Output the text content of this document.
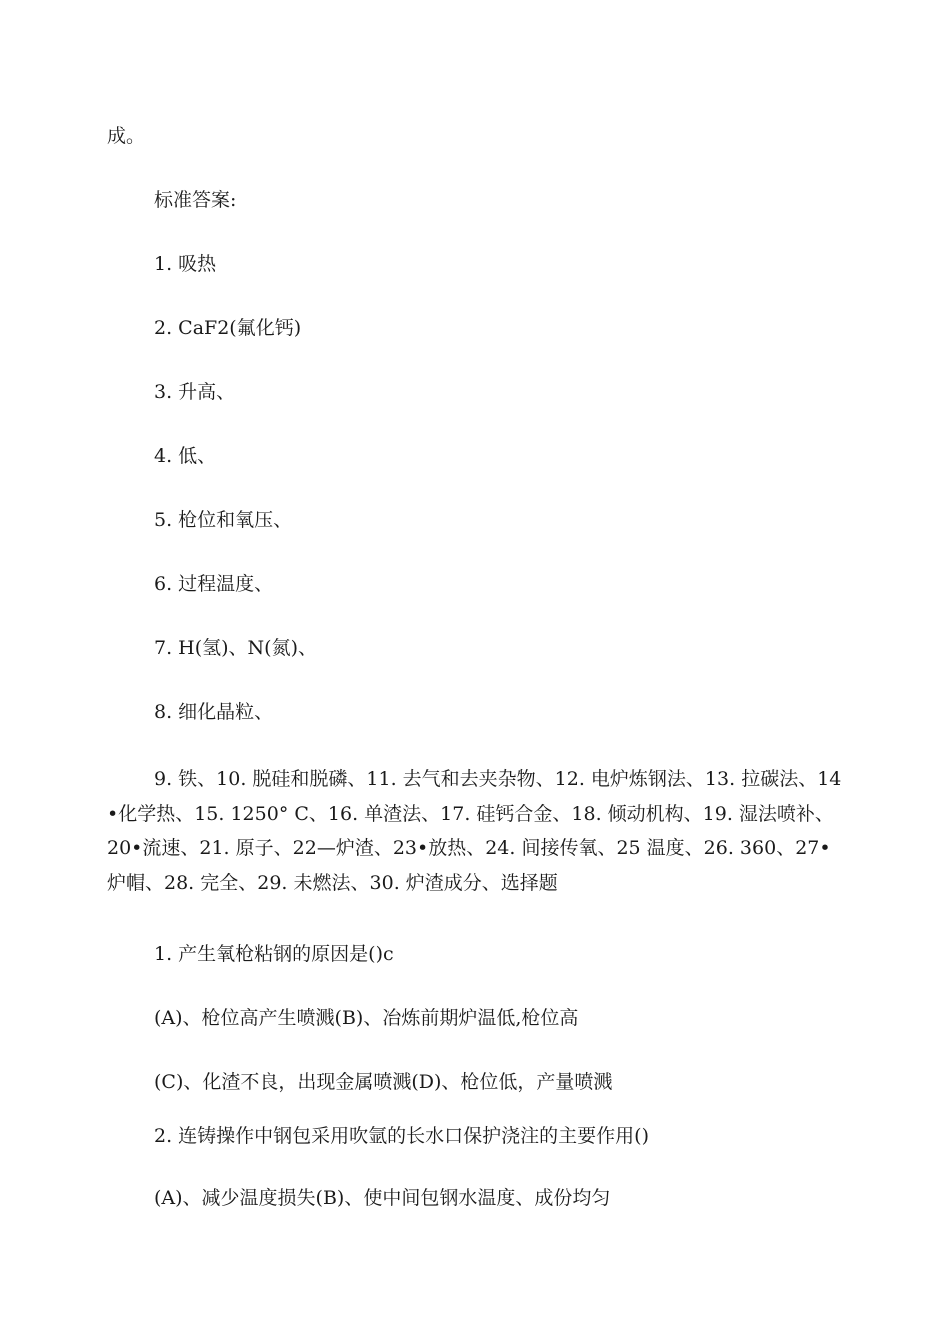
成。
标准答案:
1. 吸热
2. CaF2(氟化钙)
3. 升高、
4. 低、
5. 枪位和氧压、
6. 过程温度、
7. H(氢)、N(氮)、
8. 细化晶粒、
9. 铁、10. 脱硅和脱磷、11. 去气和去夹杂物、12. 电炉炼钢法、13. 拉碳法、14•化学热、15. 1250° C、16. 单渣法、17. 硅钙合金、18. 倾动机构、19. 湿法喷补、20•流速、21. 原子、22—炉渣、23•放热、24. 间接传氧、25 温度、26. 360、27•炉帽、28. 完全、29. 未燃法、30. 炉渣成分、选择题
1. 产生氧枪粘钢的原因是()c
(A)、枪位高产生喷溅(B)、冶炼前期炉温低,枪位高
(C)、化渣不良，出现金属喷溅(D)、枪位低，产量喷溅
2. 连铸操作中钢包采用吹氩的长水口保护浇注的主要作用()
(A)、减少温度损失(B)、使中间包钢水温度、成份均匀
